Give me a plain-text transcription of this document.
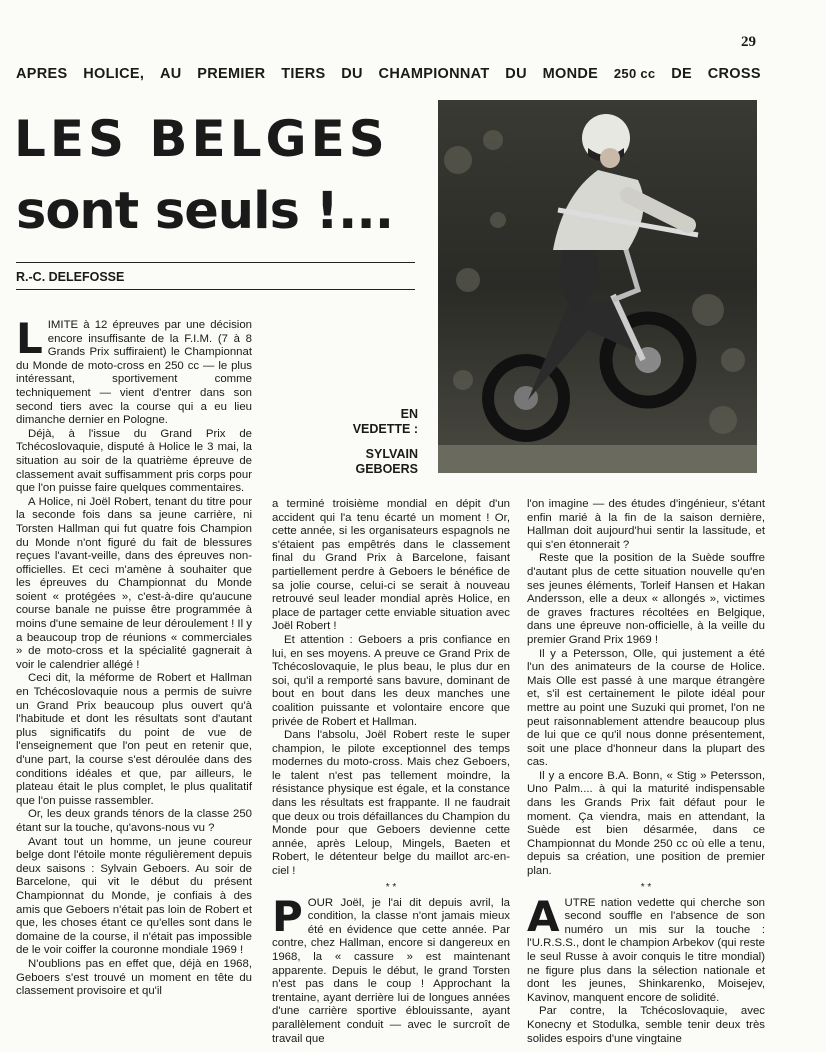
29
APRES HOLICE, AU PREMIER TIERS DU CHAMPIONNAT DU MONDE 250 cc DE CROSS
LES BELGES
sont seuls !...
R.-C. DELEFOSSE
EN
VEDETTE :
SYLVAIN
GEBOERS

LIMITE à 12 épreuves par une décision encore insuffisante de la F.I.M. (7 à 8 Grands Prix suffiraient) le Championnat du Monde de moto-cross en 250 cc — le plus intéressant, sportivement comme techniquement — vient d'entrer dans son second tiers avec la course qui a eu lieu dimanche dernier en Pologne.

Déjà, à l'issue du Grand Prix de Tchécoslovaquie, disputé à Holice le 3 mai, la situation au soir de la quatrième épreuve de classement avait suffisamment pris corps pour que l'on puisse faire quelques commentaires.

A Holice, ni Joël Robert, tenant du titre pour la seconde fois dans sa jeune carrière, ni Torsten Hallman qui fut quatre fois Champion du Monde n'ont figuré du fait de blessures reçues l'avant-veille, dans des épreuves non-officielles. Et ceci m'amène à souhaiter que les épreuves du Championnat du Monde soient « protégées », c'est-à-dire qu'aucune course banale ne puisse être programmée à moins d'une semaine de leur déroulement ! Il y a beaucoup trop de réunions « commerciales » de moto-cross et la spécialité gagnerait à voir le calendrier allégé !

Ceci dit, la méforme de Robert et Hallman en Tchécoslovaquie nous a permis de suivre un Grand Prix beaucoup plus ouvert qu'à l'habitude et dont les résultats sont d'autant plus significatifs du point de vue de l'enseignement que l'on peut en retenir que, d'une part, la course s'est déroulée dans des conditions idéales et que, par ailleurs, le plateau était le plus complet, le plus qualitatif que l'on puisse rassembler.

Or, les deux grands ténors de la classe 250 étant sur la touche, qu'avons-nous vu ?

Avant tout un homme, un jeune coureur belge dont l'étoile monte régulièrement depuis deux saisons : Sylvain Geboers. Au soir de Barcelone, qui vit le début du présent Championnat du Monde, je confiais à des amis que Geboers n'était pas loin de Robert et que, les choses étant ce qu'elles sont dans le domaine de la course, il n'était pas impossible de le voir coiffer la couronne mondiale 1969 !

N'oublions pas en effet que, déjà en 1968, Geboers s'est trouvé un moment en tête du classement provisoire et qu'il

a terminé troisième mondial en dépit d'un accident qui l'a tenu écarté un moment ! Or, cette année, si les organisateurs espagnols ne s'étaient pas empêtrés dans le classement final du Grand Prix à Barcelone, faisant partiellement perdre à Geboers le bénéfice de sa jolie course, celui-ci se serait à nouveau retrouvé seul leader mondial après Holice, en place de partager cette enviable situation avec Joël Robert !

Et attention : Geboers a pris confiance en lui, en ses moyens. A preuve ce Grand Prix de Tchécoslovaquie, le plus beau, le plus dur en soi, qu'il a remporté sans bavure, dominant de bout en bout dans les deux manches une coalition puissante et volontaire encore que privée de Robert et Hallman.

Dans l'absolu, Joël Robert reste le super champion, le pilote exceptionnel des temps modernes du moto-cross. Mais chez Geboers, le talent n'est pas tellement moindre, la résistance physique est égale, et la constance dans les résultats est frappante. Il ne faudrait que deux ou trois défaillances du Champion du Monde pour que Geboers devienne cette année, après Leloup, Mingels, Baeten et Robert, le détenteur belge du maillot arc-en-ciel !

* *

POUR Joël, je l'ai dit depuis avril, la condition, la classe n'ont jamais mieux été en évidence que cette année. Par contre, chez Hallman, encore si dangereux en 1968, la « cassure » est maintenant apparente. Depuis le début, le grand Torsten n'est pas dans le coup ! Approchant la trentaine, ayant derrière lui de longues années d'une carrière sportive éblouissante, ayant parallèlement conduit — avec le surcroît de travail que

l'on imagine — des études d'ingénieur, s'étant enfin marié à la fin de la saison dernière, Hallman doit aujourd'hui sentir la lassitude, et qui s'en étonnerait ?

Reste que la position de la Suède souffre d'autant plus de cette situation nouvelle qu'en ses jeunes éléments, Torleif Hansen et Hakan Andersson, elle a deux « allongés », victimes de graves fractures récoltées en Belgique, dans une épreuve non-officielle, à la veille du premier Grand Prix 1969 !

Il y a Petersson, Olle, qui justement a été l'un des animateurs de la course de Holice. Mais Olle est passé à une marque étrangère et, s'il est certainement le pilote idéal pour mettre au point une Suzuki qui promet, l'on ne peut raisonnablement attendre beaucoup plus de lui que ce qu'il nous donne présentement, soit une place d'honneur dans la plupart des cas.

Il y a encore B.A. Bonn, « Stig » Petersson, Uno Palm.... à qui la maturité indispensable dans les Grands Prix fait défaut pour le moment. Ça viendra, mais en attendant, la Suède est bien désarmée, dans ce Championnat du Monde 250 cc où elle a tenu, depuis sa création, une position de premier plan.

* *

AUTRE nation vedette qui cherche son second souffle en l'absence de son numéro un mis sur la touche : l'U.R.S.S., dont le champion Arbekov (qui reste le seul Russe à avoir conquis le titre mondial) ne figure plus dans la sélection nationale et dont les jeunes, Shinkarenko, Moisejev, Kavinov, manquent encore de solidité.

Par contre, la Tchécoslovaquie, avec Konecny et Stodulka, semble tenir deux très solides espoirs d'une vingtaine
